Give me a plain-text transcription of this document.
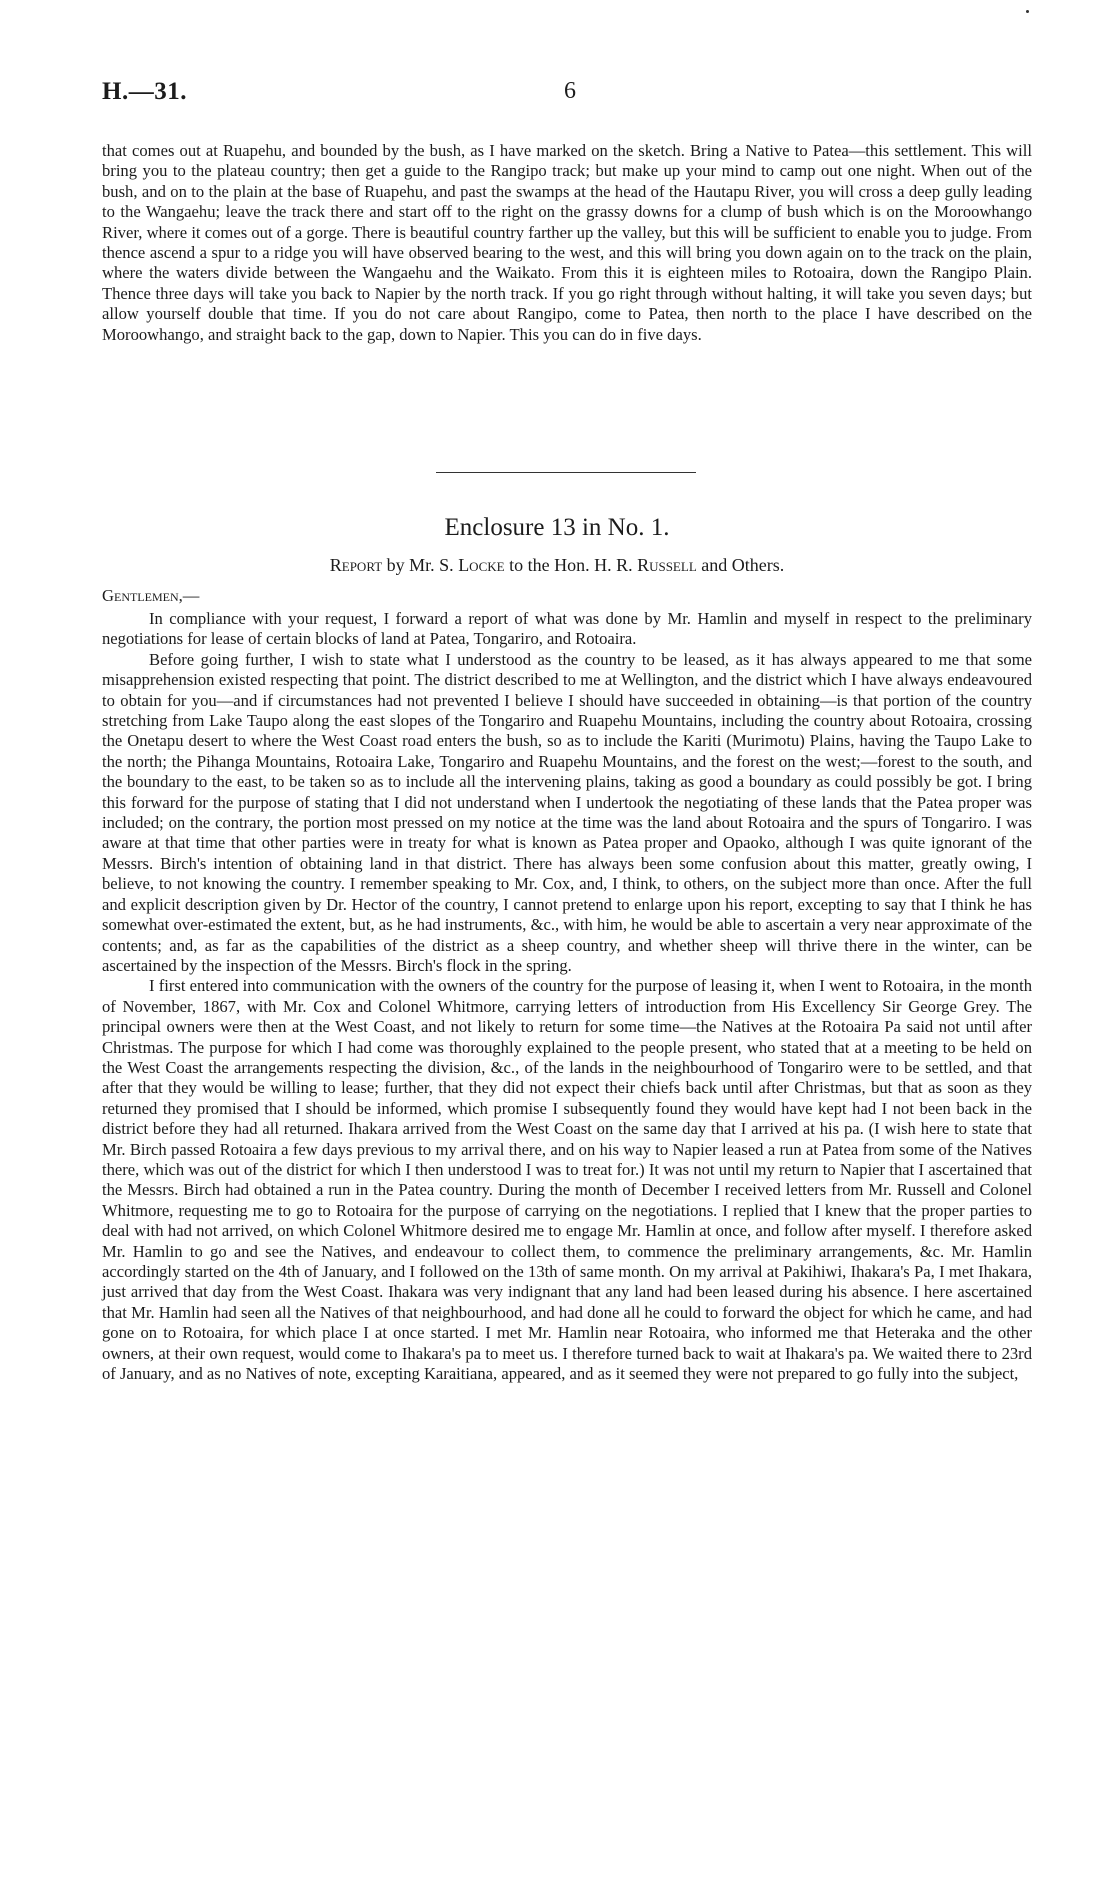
H.—31.	6

that comes out at Ruapehu, and bounded by the bush, as I have marked on the sketch. Bring a Native to Patea—this settlement. This will bring you to the plateau country; then get a guide to the Rangipo track; but make up your mind to camp out one night. When out of the bush, and on to the plain at the base of Ruapehu, and past the swamps at the head of the Hautapu River, you will cross a deep gully leading to the Wangaehu; leave the track there and start off to the right on the grassy downs for a clump of bush which is on the Moroowhango River, where it comes out of a gorge. There is beautiful country farther up the valley, but this will be sufficient to enable you to judge. From thence ascend a spur to a ridge you will have observed bearing to the west, and this will bring you down again on to the track on the plain, where the waters divide between the Wangaehu and the Waikato. From this it is eighteen miles to Rotoaira, down the Rangipo Plain. Thence three days will take you back to Napier by the north track. If you go right through without halting, it will take you seven days; but allow yourself double that time. If you do not care about Rangipo, come to Patea, then north to the place I have described on the Moroowhango, and straight back to the gap, down to Napier. This you can do in five days.

Enclosure 13 in No. 1.
Report by Mr. S. Locke to the Hon. H. R. Russell and Others.
Gentlemen,—

In compliance with your request, I forward a report of what was done by Mr. Hamlin and myself in respect to the preliminary negotiations for lease of certain blocks of land at Patea, Tongariro, and Rotoaira.

Before going further, I wish to state what I understood as the country to be leased, as it has always appeared to me that some misapprehension existed respecting that point. The district described to me at Wellington, and the district which I have always endeavoured to obtain for you—and if circumstances had not prevented I believe I should have succeeded in obtaining—is that portion of the country stretching from Lake Taupo along the east slopes of the Tongariro and Ruapehu Mountains, including the country about Rotoaira, crossing the Onetapu desert to where the West Coast road enters the bush, so as to include the Kariti (Murimotu) Plains, having the Taupo Lake to the north; the Pihanga Mountains, Rotoaira Lake, Tongariro and Ruapehu Mountains, and the forest on the west;—forest to the south, and the boundary to the east, to be taken so as to include all the intervening plains, taking as good a boundary as could possibly be got. I bring this forward for the purpose of stating that I did not understand when I undertook the negotiating of these lands that the Patea proper was included; on the contrary, the portion most pressed on my notice at the time was the land about Rotoaira and the spurs of Tongariro. I was aware at that time that other parties were in treaty for what is known as Patea proper and Opaoko, although I was quite ignorant of the Messrs. Birch's intention of obtaining land in that district. There has always been some confusion about this matter, greatly owing, I believe, to not knowing the country. I remember speaking to Mr. Cox, and, I think, to others, on the subject more than once. After the full and explicit description given by Dr. Hector of the country, I cannot pretend to enlarge upon his report, excepting to say that I think he has somewhat over-estimated the extent, but, as he had instruments, &c., with him, he would be able to ascertain a very near approximate of the contents; and, as far as the capabilities of the district as a sheep country, and whether sheep will thrive there in the winter, can be ascertained by the inspection of the Messrs. Birch's flock in the spring.

I first entered into communication with the owners of the country for the purpose of leasing it, when I went to Rotoaira, in the month of November, 1867, with Mr. Cox and Colonel Whitmore, carrying letters of introduction from His Excellency Sir George Grey. The principal owners were then at the West Coast, and not likely to return for some time—the Natives at the Rotoaira Pa said not until after Christmas. The purpose for which I had come was thoroughly explained to the people present, who stated that at a meeting to be held on the West Coast the arrangements respecting the division, &c., of the lands in the neighbourhood of Tongariro were to be settled, and that after that they would be willing to lease; further, that they did not expect their chiefs back until after Christmas, but that as soon as they returned they promised that I should be informed, which promise I subsequently found they would have kept had I not been back in the district before they had all returned. Ihakara arrived from the West Coast on the same day that I arrived at his pa. (I wish here to state that Mr. Birch passed Rotoaira a few days previous to my arrival there, and on his way to Napier leased a run at Patea from some of the Natives there, which was out of the district for which I then understood I was to treat for.) It was not until my return to Napier that I ascertained that the Messrs. Birch had obtained a run in the Patea country. During the month of December I received letters from Mr. Russell and Colonel Whitmore, requesting me to go to Rotoaira for the purpose of carrying on the negotiations. I replied that I knew that the proper parties to deal with had not arrived, on which Colonel Whitmore desired me to engage Mr. Hamlin at once, and follow after myself. I therefore asked Mr. Hamlin to go and see the Natives, and endeavour to collect them, to commence the preliminary arrangements, &c. Mr. Hamlin accordingly started on the 4th of January, and I followed on the 13th of same month. On my arrival at Pakihiwi, Ihakara's Pa, I met Ihakara, just arrived that day from the West Coast. Ihakara was very indignant that any land had been leased during his absence. I here ascertained that Mr. Hamlin had seen all the Natives of that neighbourhood, and had done all he could to forward the object for which he came, and had gone on to Rotoaira, for which place I at once started. I met Mr. Hamlin near Rotoaira, who informed me that Heteraka and the other owners, at their own request, would come to Ihakara's pa to meet us. I therefore turned back to wait at Ihakara's pa. We waited there to 23rd of January, and as no Natives of note, excepting Karaitiana, appeared, and as it seemed they were not prepared to go fully into the subject,
